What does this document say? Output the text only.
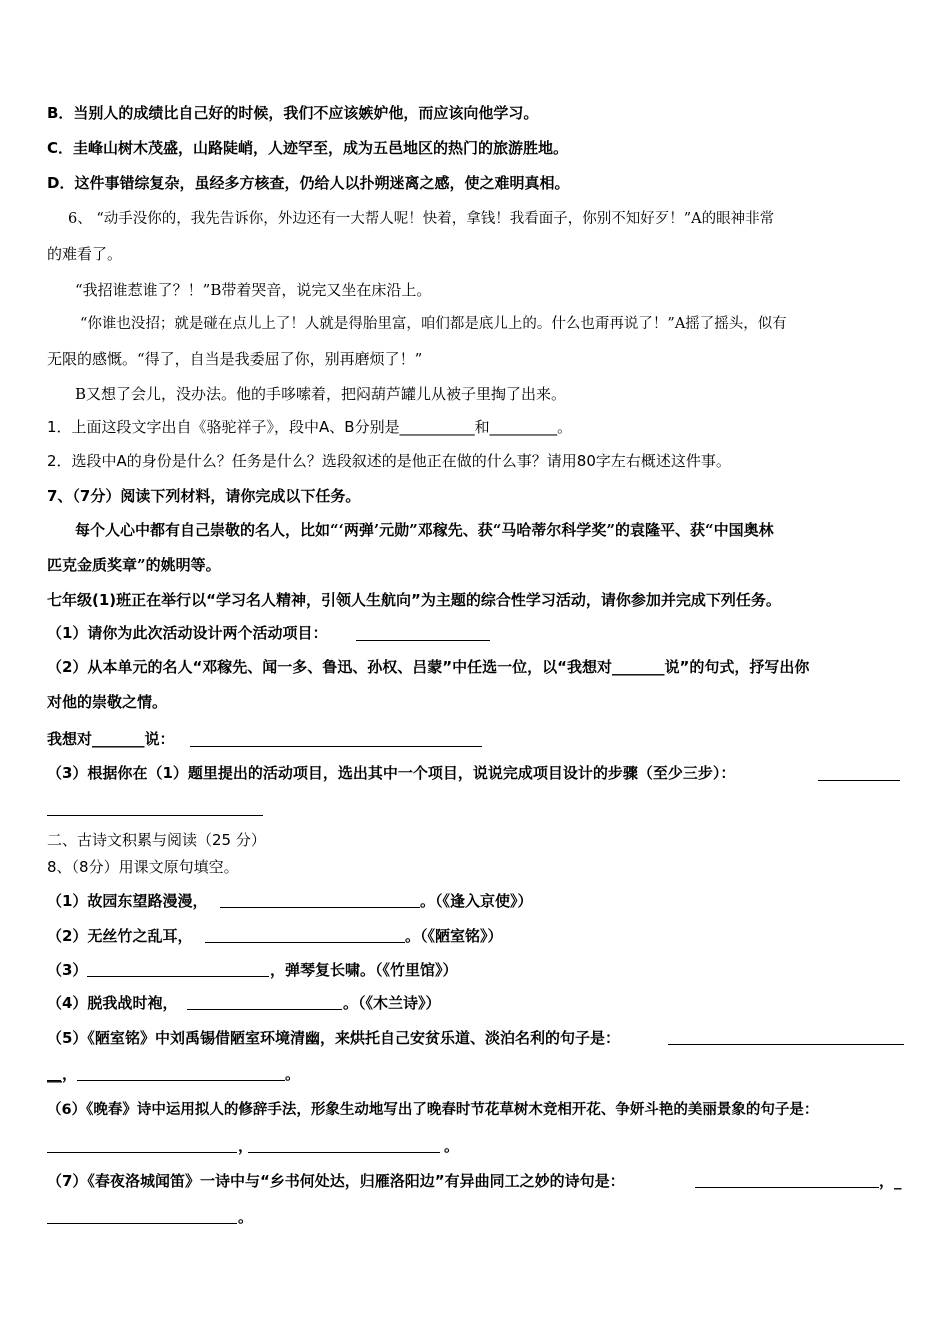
B．当别人的成绩比自己好的时候，我们不应该嫉妒他，而应该向他学习。
C．圭峰山树木茂盛，山路陡峭，人迹罕至，成为五邑地区的热门的旅游胜地。
D．这件事错综复杂，虽经多方核查，仍给人以扑朔迷离之感，使之难明真相。
6、 “动手没你的，我先告诉你，外边还有一大帮人呢！快着，拿钱！我看面子，你别不知好歹！”A的眼神非常
的难看了。
“我招谁惹谁了？！”B带着哭音，说完又坐在床沿上。
“你谁也没招；就是碰在点儿上了！人就是得胎里富，咱们都是底儿上的。什么也甭再说了！”A摇了摇头，似有
无限的感慨。“得了，自当是我委屈了你，别再磨烦了！”
B又想了会儿，没办法。他的手哆嗦着，把闷葫芦罐儿从被子里掏了出来。
1．上面这段文字出自《骆驼祥子》，段中A、B分别是__________和_________。
2．选段中A的身份是什么？任务是什么？选段叙述的是他正在做的什么事？请用80字左右概述这件事。
7、（7分）阅读下列材料，请你完成以下任务。
每个人心中都有自己崇敬的名人，比如“‘两弹’元勋”邓稼先、获“马哈蒂尔科学奖”的袁隆平、获“中国奥林
匹克金质奖章”的姚明等。
七年级(1)班正在举行以“学习名人精神，引领人生航向”为主题的综合性学习活动，请你参加并完成下列任务。
（1）请你为此次活动设计两个活动项目：
（2）从本单元的名人“邓稼先、闻一多、鲁迅、孙权、吕蒙”中任选一位，以“我想对_______说”的句式，抒写出你
对他的崇敬之情。
我想对_______说：
（3）根据你在（1）题里提出的活动项目，选出其中一个项目，说说完成项目设计的步骤（至少三步）：
二、古诗文积累与阅读（25 分）
8、（8分）用课文原句填空。
（1）故园东望路漫漫，	。（《逢入京使》）
（2）无丝竹之乱耳，	。（《陋室铭》）
（3）	，弹琴复长啸。（《竹里馆》）
（4）脱我战时袍，	。（《木兰诗》）
（5）《陋室铭》中刘禹锡借陋室环境清幽，来烘托自己安贫乐道、淡泊名利的句子是：
__，	。
（6）《晚春》诗中运用拟人的修辞手法，形象生动地写出了晚春时节花草树木竞相开花、争妍斗艳的美丽景象的句子是：
，	。
（7）《春夜洛城闻笛》一诗中与“乡书何处达，归雁洛阳边”有异曲同工之妙的诗句是：	，_
。
